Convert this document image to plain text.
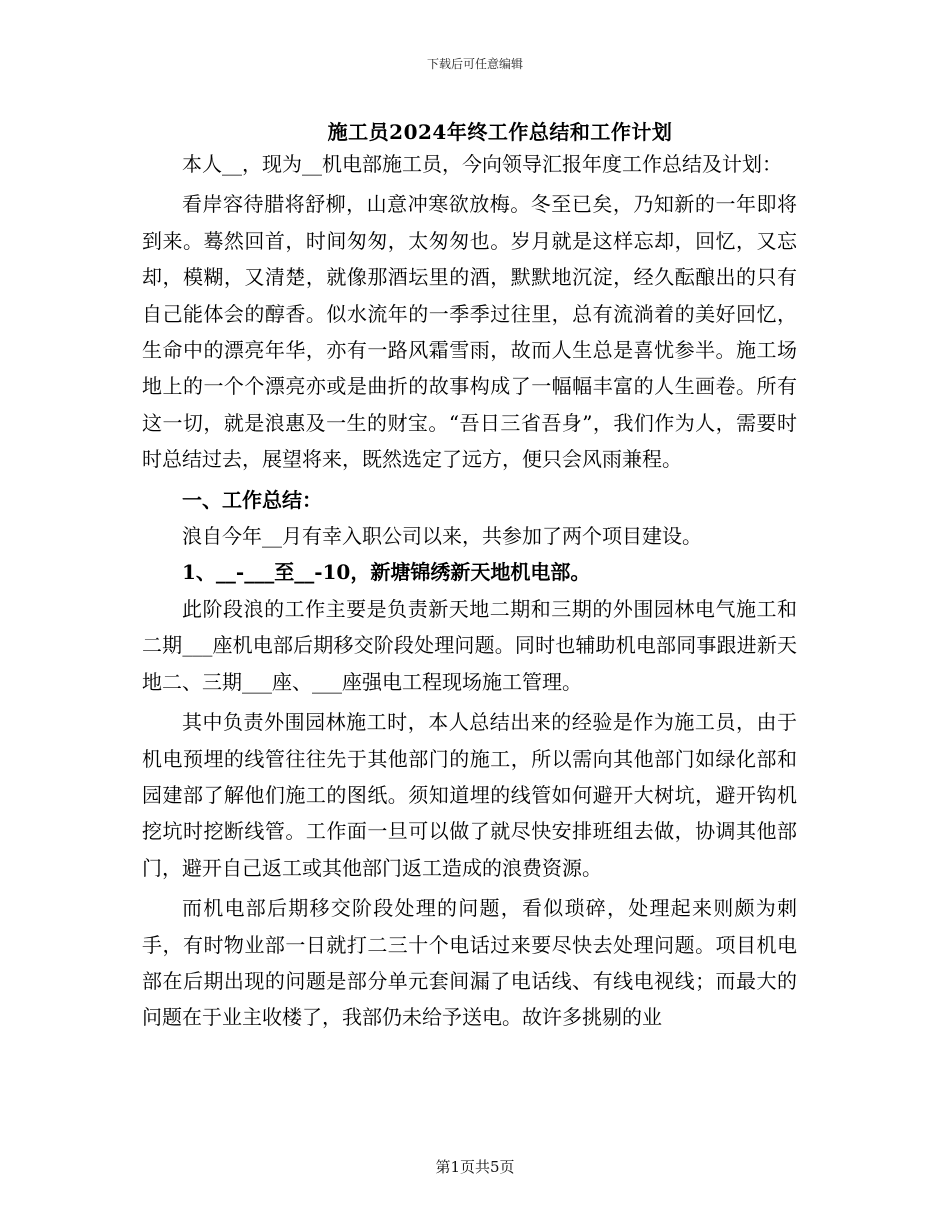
下载后可任意编辑
施工员2024年终工作总结和工作计划

本人__，现为__机电部施工员，今向领导汇报年度工作总结及计划：

看岸容待腊将舒柳，山意冲寒欲放梅。冬至已矣，乃知新的一年即将到来。蓦然回首，时间匆匆，太匆匆也。岁月就是这样忘却，回忆，又忘却，模糊，又清楚，就像那酒坛里的酒，默默地沉淀，经久酝酿出的只有自己能体会的醇香。似水流年的一季季过往里，总有流淌着的美好回忆，生命中的漂亮年华，亦有一路风霜雪雨，故而人生总是喜忧参半。施工场地上的一个个漂亮亦或是曲折的故事构成了一幅幅丰富的人生画卷。所有这一切，就是浪惠及一生的财宝。“吾日三省吾身”，我们作为人，需要时时总结过去，展望将来，既然选定了远方，便只会风雨兼程。

一、工作总结：

浪自今年__月有幸入职公司以来，共参加了两个项目建设。

1、__-___至__-10，新塘锦绣新天地机电部。

此阶段浪的工作主要是负责新天地二期和三期的外围园林电气施工和二期___座机电部后期移交阶段处理问题。同时也辅助机电部同事跟进新天地二、三期___座、___座强电工程现场施工管理。

其中负责外围园林施工时，本人总结出来的经验是作为施工员，由于机电预埋的线管往往先于其他部门的施工，所以需向其他部门如绿化部和园建部了解他们施工的图纸。须知道埋的线管如何避开大树坑，避开钩机挖坑时挖断线管。工作面一旦可以做了就尽快安排班组去做，协调其他部门，避开自己返工或其他部门返工造成的浪费资源。

而机电部后期移交阶段处理的问题，看似琐碎，处理起来则颇为刺手，有时物业部一日就打二三十个电话过来要尽快去处理问题。项目机电部在后期出现的问题是部分单元套间漏了电话线、有线电视线；而最大的问题在于业主收楼了，我部仍未给予送电。故许多挑剔的业

第1页共5页
